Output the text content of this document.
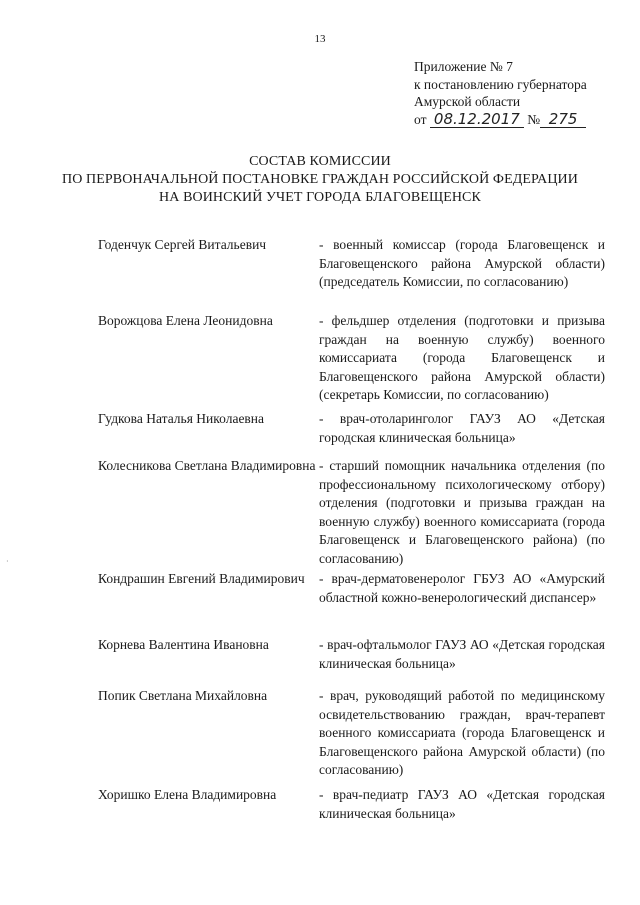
13
Приложение № 7
к постановлению губернатора
Амурской области
от 08.12.2017 № 275
СОСТАВ КОМИССИИ
ПО ПЕРВОНАЧАЛЬНОЙ ПОСТАНОВКЕ ГРАЖДАН РОССИЙСКОЙ ФЕДЕРАЦИИ
НА ВОИНСКИЙ УЧЕТ ГОРОДА БЛАГОВЕЩЕНСК
Годенчук Сергей Витальевич	- военный комиссар (города Благовещенск и Благовещенского района Амурской области) (председатель Комиссии, по согласованию)
Ворожцова Елена Леонидовна	- фельдшер отделения (подготовки и призыва граждан на военную службу) военного комиссариата (города Благовещенск и Благовещенского района Амурской области) (секретарь Комиссии, по согласованию)
Гудкова Наталья Николаевна	- врач-отоларинголог ГАУЗ АО «Детская городская клиническая больница»
Колесникова Светлана Владимировна - старший помощник начальника отделения (по профессиональному психологическому отбору) отделения (подготовки и призыва граждан на военную службу) военного комиссариата (города Благовещенск и Благовещенского района) (по согласованию)
Кондрашин Евгений Владимирович	- врач-дерматовенеролог ГБУЗ АО «Амурский областной кожно-венерологический диспансер»
Корнева Валентина Ивановна	- врач-офтальмолог ГАУЗ АО «Детская городская клиническая больница»
Попик Светлана Михайловна	- врач, руководящий работой по медицинскому освидетельствованию граждан, врач-терапевт военного комиссариата (города Благовещенск и Благовещенского района Амурской области) (по согласованию)
Хоришко Елена Владимировна	- врач-педиатр ГАУЗ АО «Детская городская клиническая больница»
·
